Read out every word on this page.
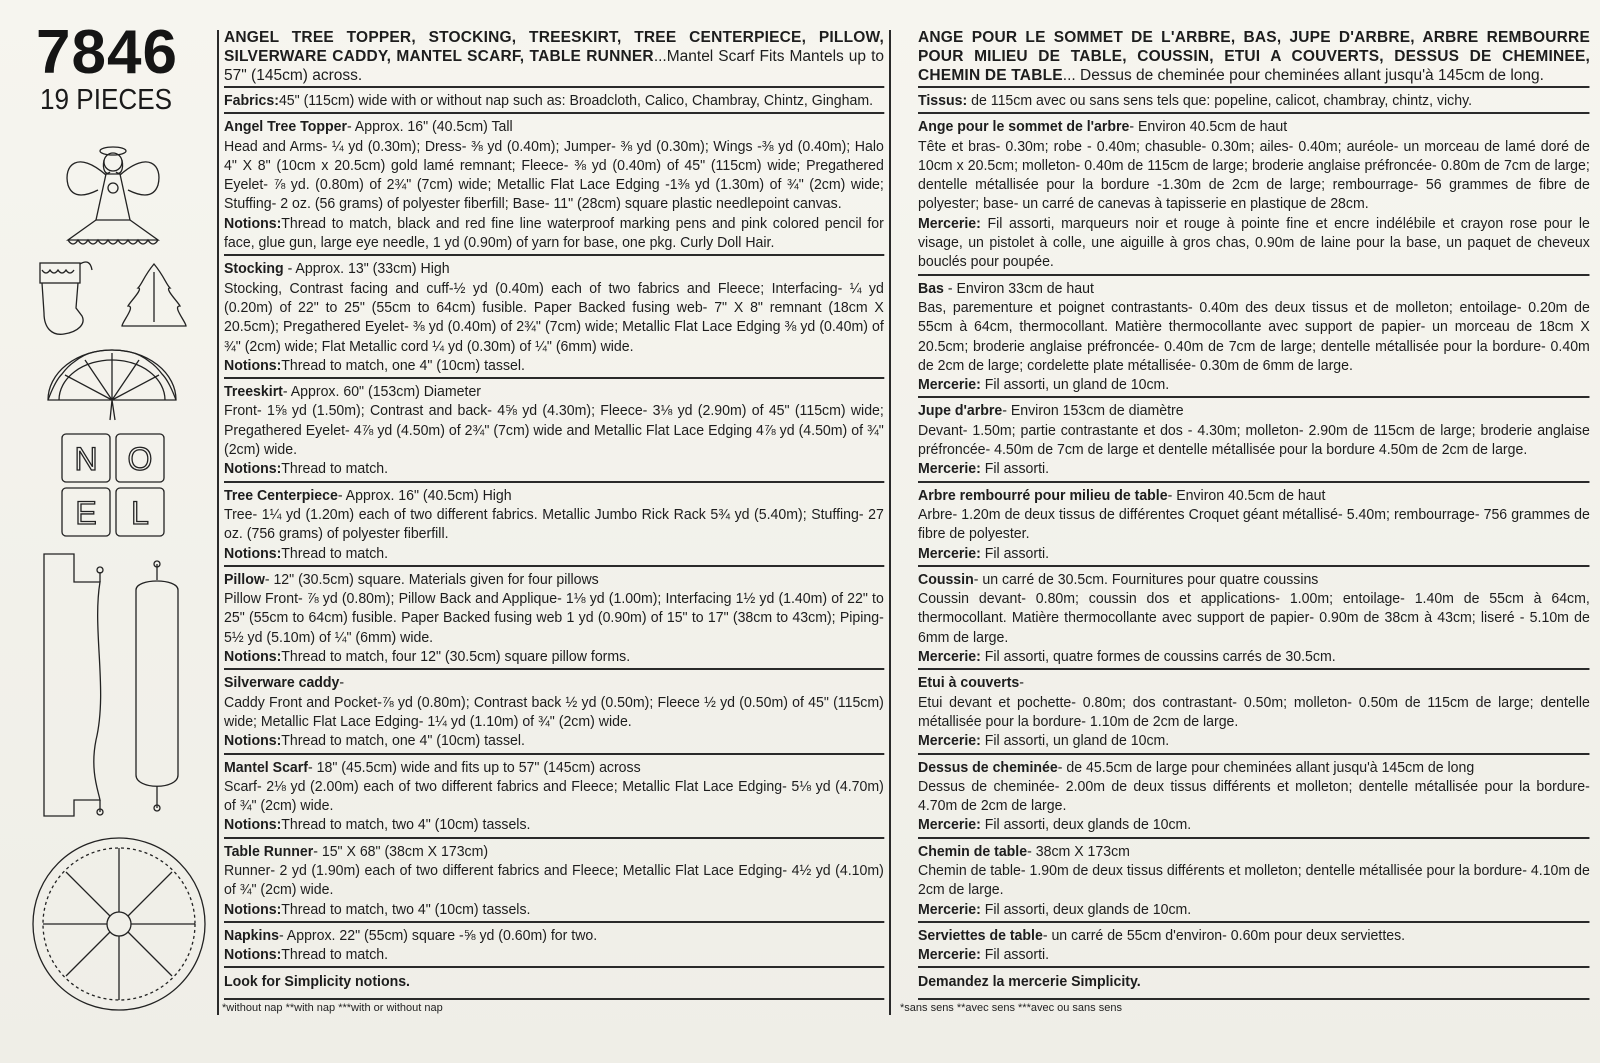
7846
19 PIECES
N O
E L
ANGEL TREE TOPPER, STOCKING, TREESKIRT, TREE CENTERPIECE, PILLOW, SILVERWARE CADDY, MANTEL SCARF, TABLE RUNNER...Mantel Scarf Fits Mantels up to 57" (145cm) across.
Fabrics:45" (115cm) wide with or without nap such as: Broadcloth, Calico, Chambray, Chintz, Gingham.
Angel Tree Topper- Approx. 16" (40.5cm) Tall
Head and Arms- ¼ yd (0.30m); Dress- ⅜ yd (0.40m); Jumper- ⅜ yd (0.30m); Wings -⅜ yd (0.40m); Halo 4" X 8" (10cm x 20.5cm) gold lamé remnant; Fleece- ⅜ yd (0.40m) of 45" (115cm) wide; Pregathered Eyelet- ⅞ yd. (0.80m) of 2¾" (7cm) wide; Metallic Flat Lace Edging -1⅜ yd (1.30m) of ¾" (2cm) wide; Stuffing- 2 oz. (56 grams) of polyester fiberfill; Base- 11" (28cm) square plastic needlepoint canvas.
Notions:Thread to match, black and red fine line waterproof marking pens and pink colored pencil for face, glue gun, large eye needle, 1 yd (0.90m) of yarn for base, one pkg. Curly Doll Hair.
Stocking - Approx. 13" (33cm) High
Stocking, Contrast facing and cuff-½ yd (0.40m) each of two fabrics and Fleece; Interfacing- ¼ yd (0.20m) of 22" to 25" (55cm to 64cm) fusible. Paper Backed fusing web- 7" X 8" remnant (18cm X 20.5cm); Pregathered Eyelet- ⅜ yd (0.40m) of 2¾" (7cm) wide; Metallic Flat Lace Edging ⅜ yd (0.40m) of ¾" (2cm) wide; Flat Metallic cord ¼ yd (0.30m) of ¼" (6mm) wide.
Notions:Thread to match, one 4" (10cm) tassel.
Treeskirt- Approx. 60" (153cm) Diameter
Front- 1⅝ yd (1.50m); Contrast and back- 4⅝ yd (4.30m); Fleece- 3⅛ yd (2.90m) of 45" (115cm) wide; Pregathered Eyelet- 4⅞ yd (4.50m) of 2¾" (7cm) wide and Metallic Flat Lace Edging 4⅞ yd (4.50m) of ¾" (2cm) wide.
Notions:Thread to match.
Tree Centerpiece- Approx. 16" (40.5cm) High
Tree- 1¼ yd (1.20m) each of two different fabrics. Metallic Jumbo Rick Rack 5¾ yd (5.40m); Stuffing- 27 oz. (756 grams) of polyester fiberfill.
Notions:Thread to match.
Pillow- 12" (30.5cm) square. Materials given for four pillows
Pillow Front- ⅞ yd (0.80m); Pillow Back and Applique- 1⅛ yd (1.00m); Interfacing 1½ yd (1.40m) of 22" to 25" (55cm to 64cm) fusible. Paper Backed fusing web 1 yd (0.90m) of 15" to 17" (38cm to 43cm); Piping- 5½ yd (5.10m) of ¼" (6mm) wide.
Notions:Thread to match, four 12" (30.5cm) square pillow forms.
Silverware caddy-
Caddy Front and Pocket-⅞ yd (0.80m); Contrast back ½ yd (0.50m); Fleece ½ yd (0.50m) of 45" (115cm) wide; Metallic Flat Lace Edging- 1¼ yd (1.10m) of ¾" (2cm) wide.
Notions:Thread to match, one 4" (10cm) tassel.
Mantel Scarf- 18" (45.5cm) wide and fits up to 57" (145cm) across
Scarf- 2⅛ yd (2.00m) each of two different fabrics and Fleece; Metallic Flat Lace Edging- 5⅛ yd (4.70m) of ¾" (2cm) wide.
Notions:Thread to match, two 4" (10cm) tassels.
Table Runner- 15" X 68" (38cm X 173cm)
Runner- 2 yd (1.90m) each of two different fabrics and Fleece; Metallic Flat Lace Edging- 4½ yd (4.10m) of ¾" (2cm) wide.
Notions:Thread to match, two 4" (10cm) tassels.
Napkins- Approx. 22" (55cm) square -⅝ yd (0.60m) for two.
Notions:Thread to match.
Look for Simplicity notions.
ANGE POUR LE SOMMET DE L'ARBRE, BAS, JUPE D'ARBRE, ARBRE REMBOURRE POUR MILIEU DE TABLE, COUSSIN, ETUI A COUVERTS, DESSUS DE CHEMINEE, CHEMIN DE TABLE... Dessus de cheminée pour cheminées allant jusqu'à 145cm de long.
Tissus: de 115cm avec ou sans sens tels que: popeline, calicot, chambray, chintz, vichy.
Ange pour le sommet de l'arbre- Environ 40.5cm de haut
Tête et bras- 0.30m; robe - 0.40m; chasuble- 0.30m; ailes- 0.40m; auréole- un morceau de lamé doré de 10cm x 20.5cm; molleton- 0.40m de 115cm de large; broderie anglaise préfroncée- 0.80m de 7cm de large; dentelle métallisée pour la bordure -1.30m de 2cm de large; rembourrage- 56 grammes de fibre de polyester; base- un carré de canevas à tapisserie en plastique de 28cm.
Mercerie: Fil assorti, marqueurs noir et rouge à pointe fine et encre indélébile et crayon rose pour le visage, un pistolet à colle, une aiguille à gros chas, 0.90m de laine pour la base, un paquet de cheveux bouclés pour poupée.
Bas - Environ 33cm de haut
Bas, parementure et poignet contrastants- 0.40m des deux tissus et de molleton; entoilage- 0.20m de 55cm à 64cm, thermocollant. Matière thermocollante avec support de papier- un morceau de 18cm X 20.5cm; broderie anglaise préfroncée- 0.40m de 7cm de large; dentelle métallisée pour la bordure- 0.40m de 2cm de large; cordelette plate métallisée- 0.30m de 6mm de large.
Mercerie: Fil assorti, un gland de 10cm.
Jupe d'arbre- Environ 153cm de diamètre
Devant- 1.50m; partie contrastante et dos - 4.30m; molleton- 2.90m de 115cm de large; broderie anglaise préfroncée- 4.50m de 7cm de large et dentelle métallisée pour la bordure 4.50m de 2cm de large.
Mercerie: Fil assorti.
Arbre rembourré pour milieu de table- Environ 40.5cm de haut
Arbre- 1.20m de deux tissus de différentes Croquet géant métallisé- 5.40m; rembourrage- 756 grammes de fibre de polyester.
Mercerie: Fil assorti.
Coussin- un carré de 30.5cm. Fournitures pour quatre coussins
Coussin devant- 0.80m; coussin dos et applications- 1.00m; entoilage- 1.40m de 55cm à 64cm, thermocollant. Matière thermocollante avec support de papier- 0.90m de 38cm à 43cm; liseré - 5.10m de 6mm de large.
Mercerie: Fil assorti, quatre formes de coussins carrés de 30.5cm.
Etui à couverts-
Etui devant et pochette- 0.80m; dos contrastant- 0.50m; molleton- 0.50m de 115cm de large; dentelle métallisée pour la bordure- 1.10m de 2cm de large.
Mercerie: Fil assorti, un gland de 10cm.
Dessus de cheminée- de 45.5cm de large pour cheminées allant jusqu'à 145cm de long
Dessus de cheminée- 2.00m de deux tissus différents et molleton; dentelle métallisée pour la bordure- 4.70m de 2cm de large.
Mercerie: Fil assorti, deux glands de 10cm.
Chemin de table- 38cm X 173cm
Chemin de table- 1.90m de deux tissus différents et molleton; dentelle métallisée pour la bordure- 4.10m de 2cm de large.
Mercerie: Fil assorti, deux glands de 10cm.
Serviettes de table- un carré de 55cm d'environ- 0.60m pour deux serviettes.
Mercerie: Fil assorti.
Demandez la mercerie Simplicity.
*without nap **with nap ***with or without nap	*sans sens **avec sens ***avec ou sans sens
